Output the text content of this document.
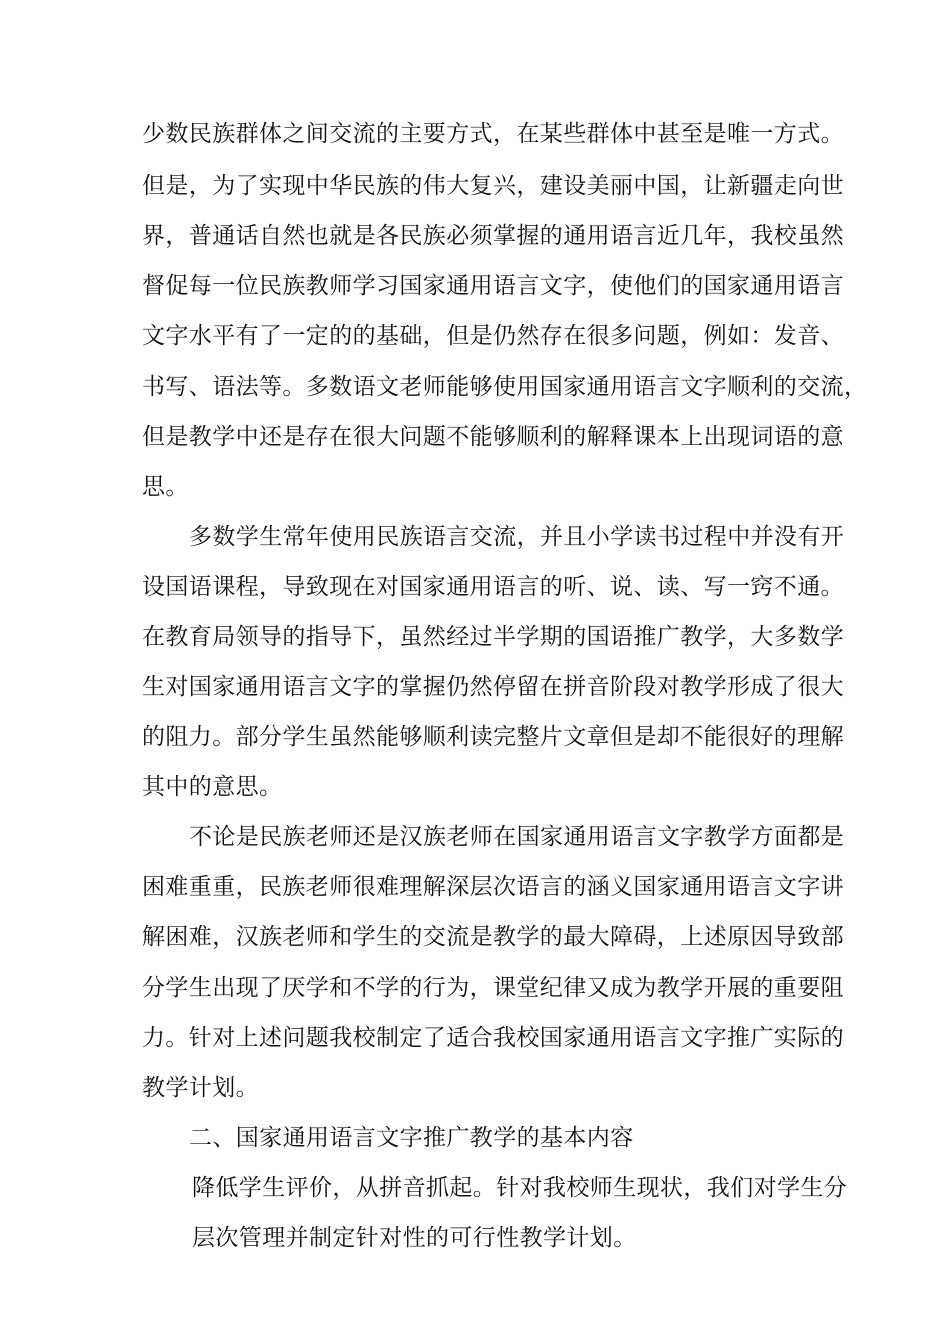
少数民族群体之间交流的主要方式，在某些群体中甚至是唯一方式。

但是，为了实现中华民族的伟大复兴，建设美丽中国，让新疆走向世

界，普通话自然也就是各民族必须掌握的通用语言近几年，我校虽然

督促每一位民族教师学习国家通用语言文字，使他们的国家通用语言

文字水平有了一定的的基础，但是仍然存在很多问题，例如：发音、

书写、语法等。多数语文老师能够使用国家通用语言文字顺利的交流，

但是教学中还是存在很大问题不能够顺利的解释课本上出现词语的意

思。

多数学生常年使用民族语言交流，并且小学读书过程中并没有开

设国语课程，导致现在对国家通用语言的听、说、读、写一窍不通。

在教育局领导的指导下，虽然经过半学期的国语推广教学，大多数学

生对国家通用语言文字的掌握仍然停留在拼音阶段对教学形成了很大

的阻力。部分学生虽然能够顺利读完整片文章但是却不能很好的理解

其中的意思。

不论是民族老师还是汉族老师在国家通用语言文字教学方面都是

困难重重，民族老师很难理解深层次语言的涵义国家通用语言文字讲

解困难，汉族老师和学生的交流是教学的最大障碍，上述原因导致部

分学生出现了厌学和不学的行为，课堂纪律又成为教学开展的重要阻

力。针对上述问题我校制定了适合我校国家通用语言文字推广实际的

教学计划。

二、国家通用语言文字推广教学的基本内容

降低学生评价，从拼音抓起。针对我校师生现状，我们对学生分

层次管理并制定针对性的可行性教学计划。
